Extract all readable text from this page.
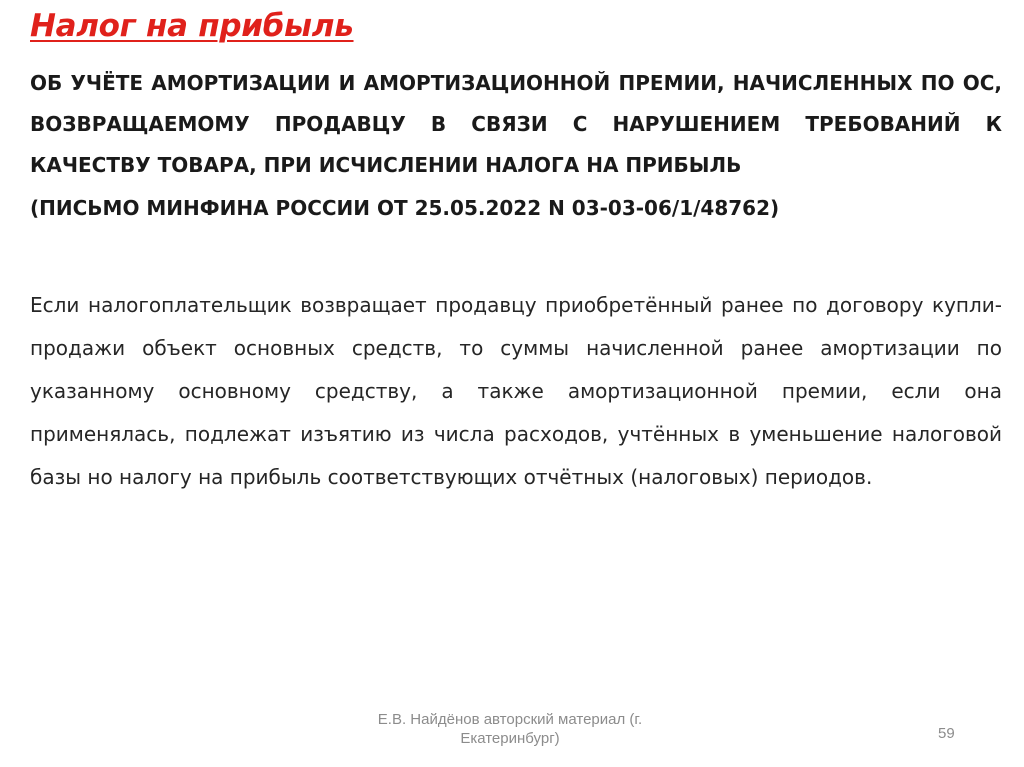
Налог на прибыль

ОБ УЧЁТЕ АМОРТИЗАЦИИ И АМОРТИЗАЦИОННОЙ ПРЕМИИ, НАЧИСЛЕННЫХ ПО ОС, ВОЗВРАЩАЕМОМУ ПРОДАВЦУ В СВЯЗИ С НАРУШЕНИЕМ ТРЕБОВАНИЙ К КАЧЕСТВУ ТОВАРА, ПРИ ИСЧИСЛЕНИИ НАЛОГА НА ПРИБЫЛЬ

(ПИСЬМО МИНФИНА РОССИИ ОТ 25.05.2022 N 03-03-06/1/48762)

Если налогоплательщик возвращает продавцу приобретённый ранее по договору купли-продажи объект основных средств, то суммы начисленной ранее амортизации по указанному основному средству, а также амортизационной премии, если она применялась, подлежат изъятию из числа расходов, учтённых в уменьшение налоговой базы но налогу на прибыль соответствующих отчётных (налоговых) периодов.

Е.В. Найдёнов авторский материал (г. Екатеринбург)	59
